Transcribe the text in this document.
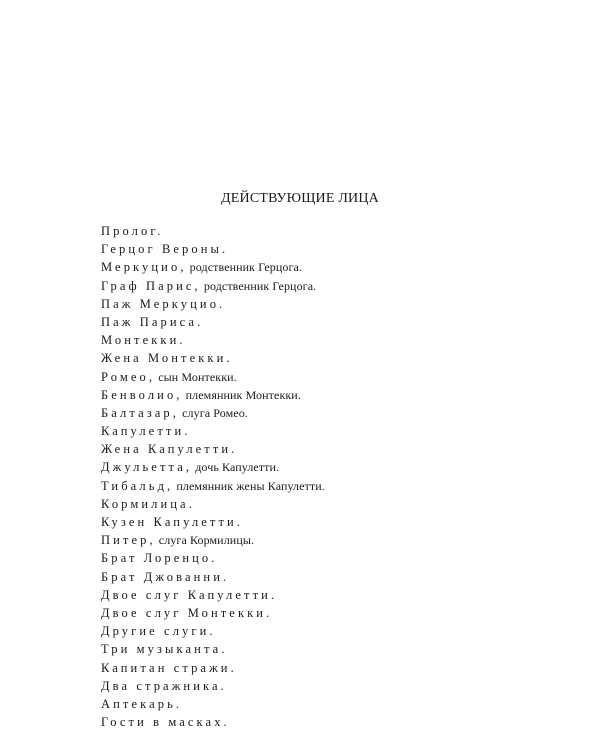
ДЕЙСТВУЮЩИЕ ЛИЦА
Пролог.
Герцог Вероны.
Меркуцио, родственник Герцога.
Граф Парис, родственник Герцога.
Паж Меркуцио.
Паж Париса.
Монтекки.
Жена Монтекки.
Ромео, сын Монтекки.
Бенволио, племянник Монтекки.
Балтазар, слуга Ромео.
Капулетти.
Жена Капулетти.
Джульетта, дочь Капулетти.
Тибальд, племянник жены Капулетти.
Кормилица.
Кузен Капулетти.
Питер, слуга Кормилицы.
Брат Лоренцо.
Брат Джованни.
Двое слуг Капулетти.
Двое слуг Монтекки.
Другие слуги.
Три музыканта.
Капитан стражи.
Два стражника.
Аптекарь.
Гости в масках.
